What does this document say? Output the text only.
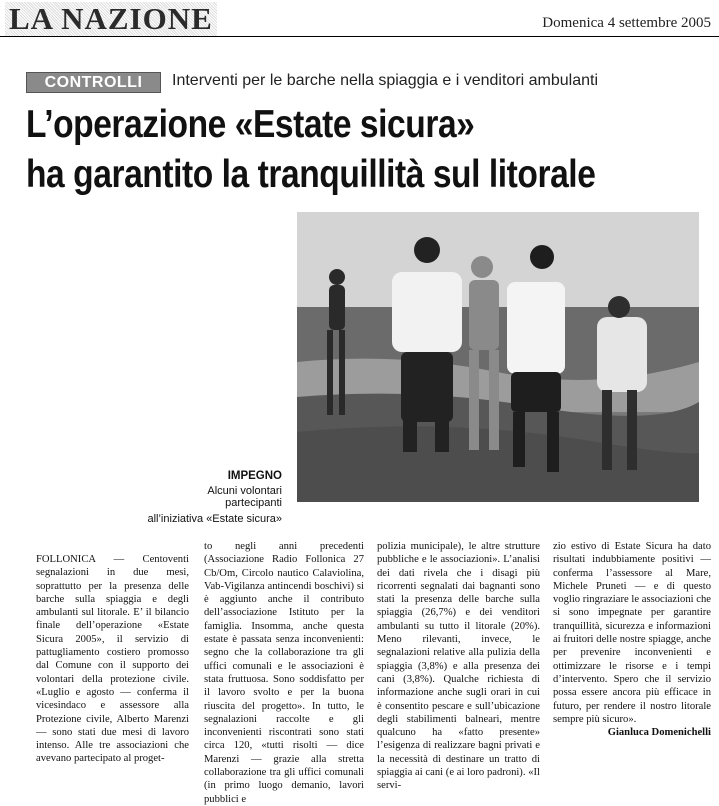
LA NAZIONE	Domenica 4 settembre 2005
CONTROLLI	Interventi per le barche nella spiaggia e i venditori ambulanti
L’operazione «Estate sicura»
ha garantito la tranquillità sul litorale
IMPEGNO
Alcuni volontari
partecipanti
all’iniziativa «Estate sicura»

FOLLONICA — Centoventi segnalazioni in due mesi, soprattutto per la presenza delle barche sulla spiaggia e degli ambulanti sul litorale. E’ il bilancio finale dell’operazione «Estate Sicura 2005», il servizio di pattugliamento costiero promosso dal Comune con il supporto dei volontari della protezione civile. «Luglio e agosto — conferma il vicesindaco e assessore alla Protezione civile, Alberto Marenzi — sono stati due mesi di lavoro intenso. Alle tre associazioni che avevano partecipato al proget-

to negli anni precedenti (Associazione Radio Follonica 27 Cb/Om, Circolo nautico Calaviolina, Vab-Vigilanza antincendi boschivi) si è aggiunto anche il contributo dell’associazione Istituto per la famiglia. Insomma, anche questa estate è passata senza inconvenienti: segno che la collaborazione tra gli uffici comunali e le associazioni è stata fruttuosa. Sono soddisfatto per il lavoro svolto e per la buona riuscita del progetto». In tutto, le segnalazioni raccolte e gli inconvenienti riscontrati sono stati circa 120, «tutti risolti — dice Marenzi — grazie alla stretta collaborazione tra gli uffici comunali (in primo luogo demanio, lavori pubblici e

polizia municipale), le altre strutture pubbliche e le associazioni». L’analisi dei dati rivela che i disagi più ricorrenti segnalati dai bagnanti sono stati la presenza delle barche sulla spiaggia (26,7%) e dei venditori ambulanti su tutto il litorale (20%). Meno rilevanti, invece, le segnalazioni relative alla pulizia della spiaggia (3,8%) e alla presenza dei cani (3,8%). Qualche richiesta di informazione anche sugli orari in cui è consentito pescare e sull’ubicazione degli stabilimenti balneari, mentre qualcuno ha «fatto presente» l’esigenza di realizzare bagni privati e la necessità di destinare un tratto di spiaggia ai cani (e ai loro padroni). «Il servi-

zio estivo di Estate Sicura ha dato risultati indubbiamente positivi — conferma l’assessore al Mare, Michele Pruneti — e di questo voglio ringraziare le associazioni che si sono impegnate per garantire tranquillità, sicurezza e informazioni ai fruitori delle nostre spiagge, anche per prevenire inconvenienti e ottimizzare le risorse e i tempi d’intervento. Spero che il servizio possa essere ancora più efficace in futuro, per rendere il nostro litorale sempre più sicuro».

Gianluca Domenichelli
